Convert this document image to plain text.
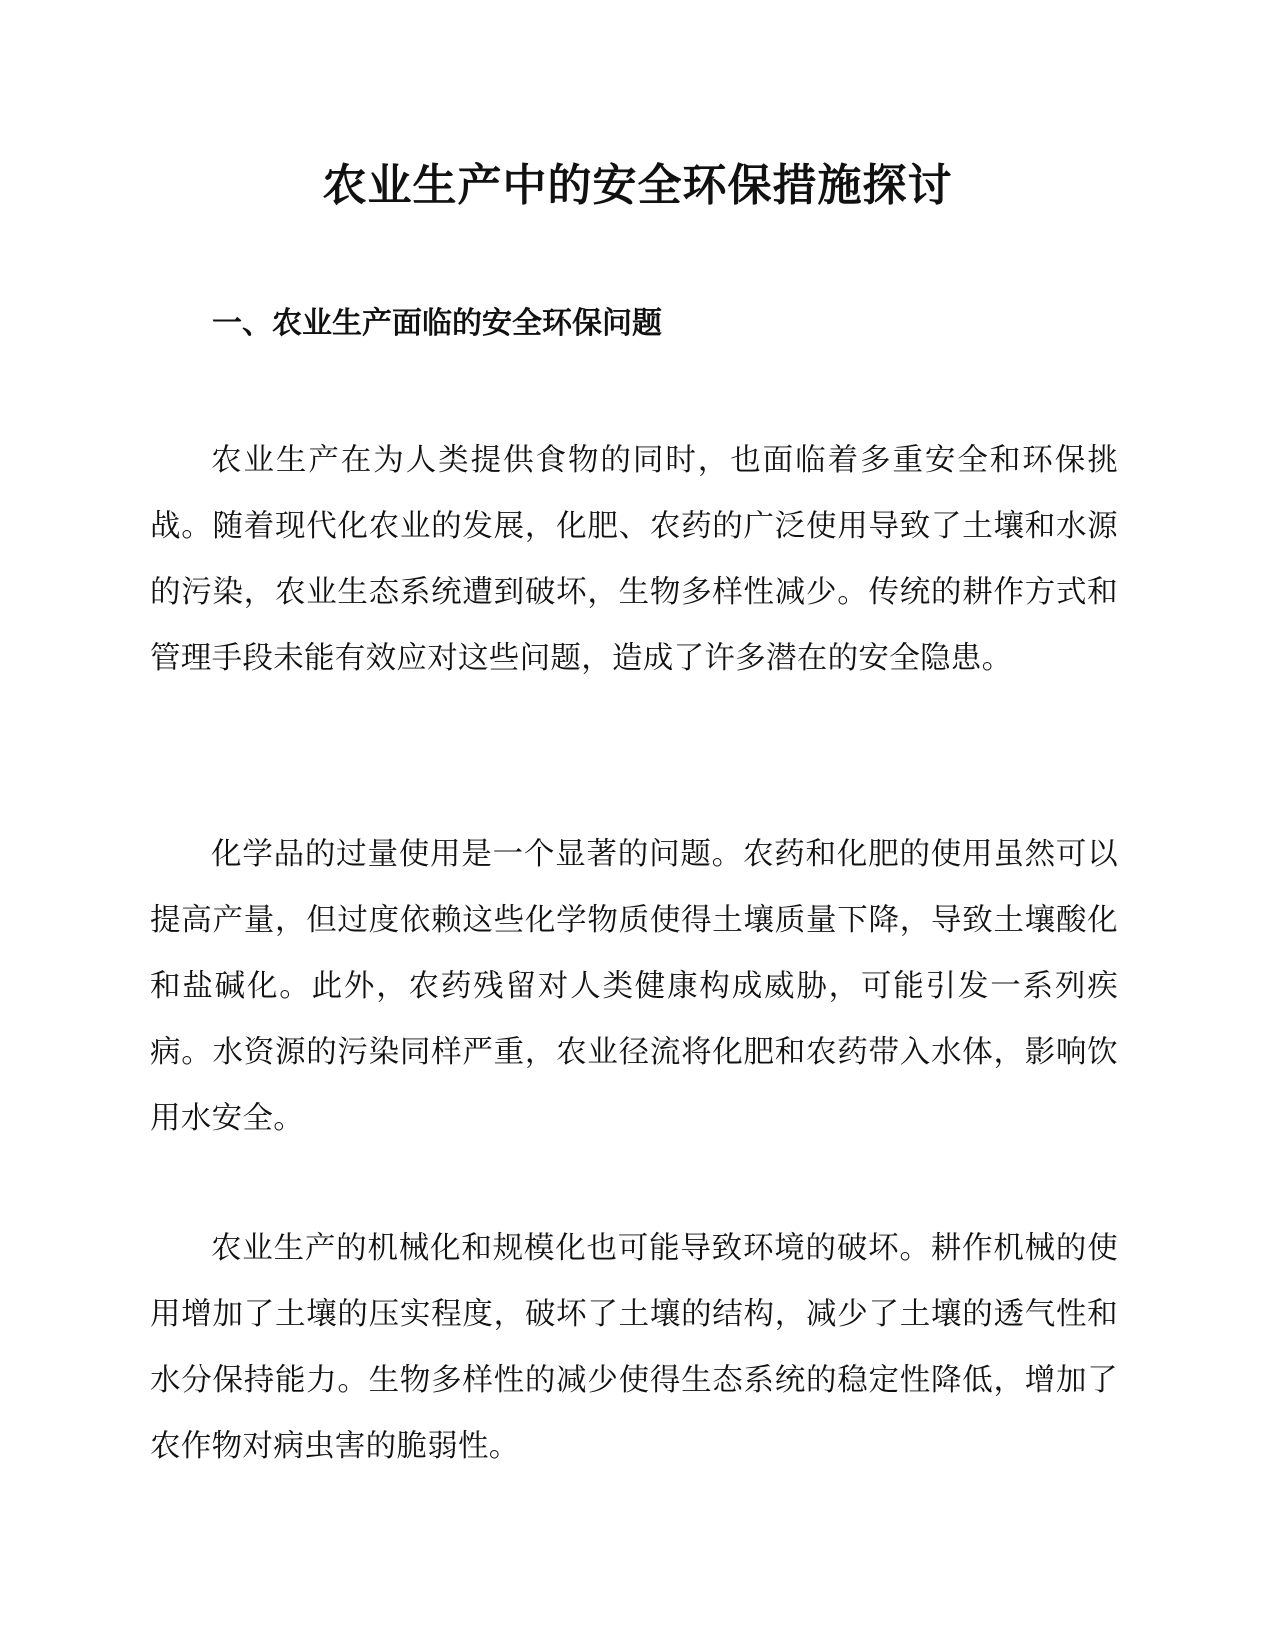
农业生产中的安全环保措施探讨
一、农业生产面临的安全环保问题

农业生产在为人类提供食物的同时，也面临着多重安全和环保挑战。随着现代化农业的发展，化肥、农药的广泛使用导致了土壤和水源的污染，农业生态系统遭到破坏，生物多样性减少。传统的耕作方式和管理手段未能有效应对这些问题，造成了许多潜在的安全隐患。

化学品的过量使用是一个显著的问题。农药和化肥的使用虽然可以提高产量，但过度依赖这些化学物质使得土壤质量下降，导致土壤酸化和盐碱化。此外，农药残留对人类健康构成威胁，可能引发一系列疾病。水资源的污染同样严重，农业径流将化肥和农药带入水体，影响饮用水安全。

农业生产的机械化和规模化也可能导致环境的破坏。耕作机械的使用增加了土壤的压实程度，破坏了土壤的结构，减少了土壤的透气性和水分保持能力。生物多样性的减少使得生态系统的稳定性降低，增加了农作物对病虫害的脆弱性。
